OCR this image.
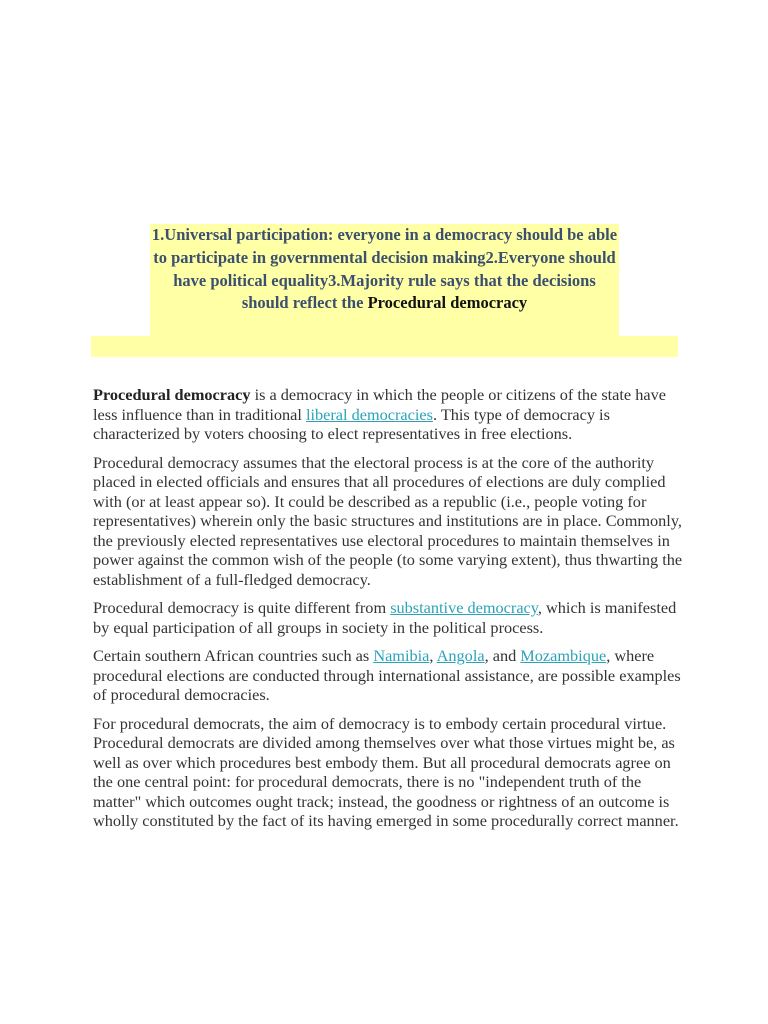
1.Universal participation: everyone in a democracy should be able to participate in governmental decision making2.Everyone should have political equality3.Majority rule says that the decisions should reflect the Procedural democracy

Procedural democracy is a democracy in which the people or citizens of the state have less influence than in traditional liberal democracies. This type of democracy is characterized by voters choosing to elect representatives in free elections.

Procedural democracy assumes that the electoral process is at the core of the authority placed in elected officials and ensures that all procedures of elections are duly complied with (or at least appear so). It could be described as a republic (i.e., people voting for representatives) wherein only the basic structures and institutions are in place. Commonly, the previously elected representatives use electoral procedures to maintain themselves in power against the common wish of the people (to some varying extent), thus thwarting the establishment of a full-fledged democracy.

Procedural democracy is quite different from substantive democracy, which is manifested by equal participation of all groups in society in the political process.

Certain southern African countries such as Namibia, Angola, and Mozambique, where procedural elections are conducted through international assistance, are possible examples of procedural democracies.

For procedural democrats, the aim of democracy is to embody certain procedural virtue. Procedural democrats are divided among themselves over what those virtues might be, as well as over which procedures best embody them. But all procedural democrats agree on the one central point: for procedural democrats, there is no "independent truth of the matter" which outcomes ought track; instead, the goodness or rightness of an outcome is wholly constituted by the fact of its having emerged in some procedurally correct manner.
